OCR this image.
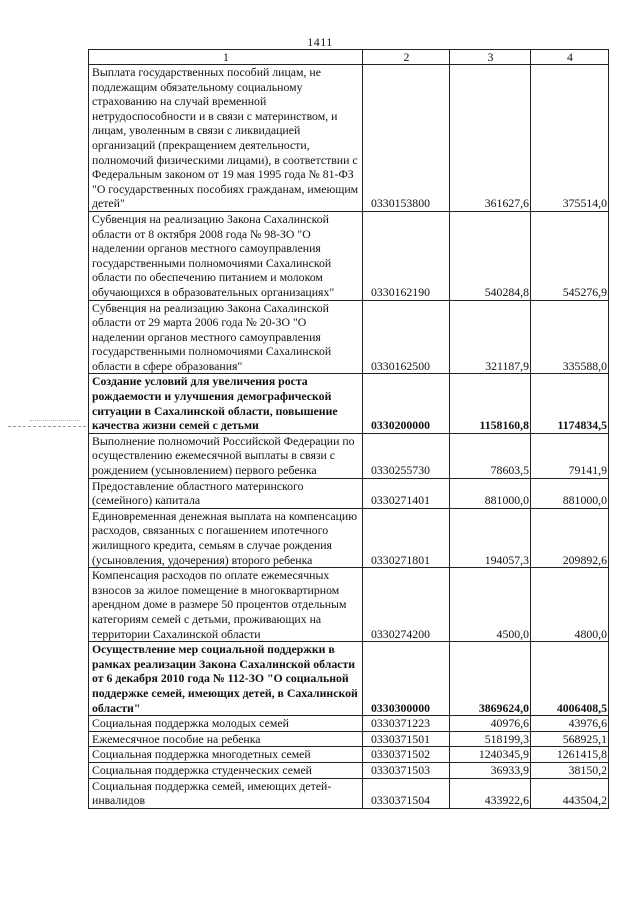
1411
1	2	3	4
Выплата государственных пособий лицам, не подлежащим обязательному социальному страхованию на случай временной нетрудоспособности и в связи с материнством, и лицам, уволенным в связи с ликвидацией организаций (прекращением деятельности, полномочий физическими лицами), в соответствии с Федеральным законом от 19 мая 1995 года № 81-ФЗ "О государственных пособиях гражданам, имеющим детей"	0330153800	361627,6	375514,0
Субвенция на реализацию Закона Сахалинской области от 8 октября 2008 года № 98-ЗО "О наделении органов местного самоуправления государственными полномочиями Сахалинской области по обеспечению питанием и молоком обучающихся в образовательных организациях"	0330162190	540284,8	545276,9
Субвенция на реализацию Закона Сахалинской области от 29 марта 2006 года № 20-ЗО "О наделении органов местного самоуправления государственными полномочиями Сахалинской области в сфере образования"	0330162500	321187,9	335588,0
Создание условий для увеличения роста рождаемости и улучшения демографической ситуации в Сахалинской области, повышение качества жизни семей с детьми	0330200000	1158160,8	1174834,5
Выполнение полномочий Российской Федерации по осуществлению ежемесячной выплаты в связи с рождением (усыновлением) первого ребенка	0330255730	78603,5	79141,9
Предоставление областного материнского (семейного) капитала	0330271401	881000,0	881000,0
Единовременная денежная выплата на компенсацию расходов, связанных с погашением ипотечного жилищного кредита, семьям в случае рождения (усыновления, удочерения) второго ребенка	0330271801	194057,3	209892,6
Компенсация расходов по оплате ежемесячных взносов за жилое помещение в многоквартирном арендном доме в размере 50 процентов отдельным категориям семей с детьми, проживающих на территории Сахалинской области	0330274200	4500,0	4800,0
Осуществление мер социальной поддержки в рамках реализации Закона Сахалинской области от 6 декабря 2010 года № 112-ЗО "О социальной поддержке семей, имеющих детей, в Сахалинской области"	0330300000	3869624,0	4006408,5
Социальная поддержка молодых семей	0330371223	40976,6	43976,6
Ежемесячное пособие на ребенка	0330371501	518199,3	568925,1
Социальная поддержка многодетных семей	0330371502	1240345,9	1261415,8
Социальная поддержка студенческих семей	0330371503	36933,9	38150,2
Социальная поддержка семей, имеющих детей-инвалидов	0330371504	433922,6	443504,2
